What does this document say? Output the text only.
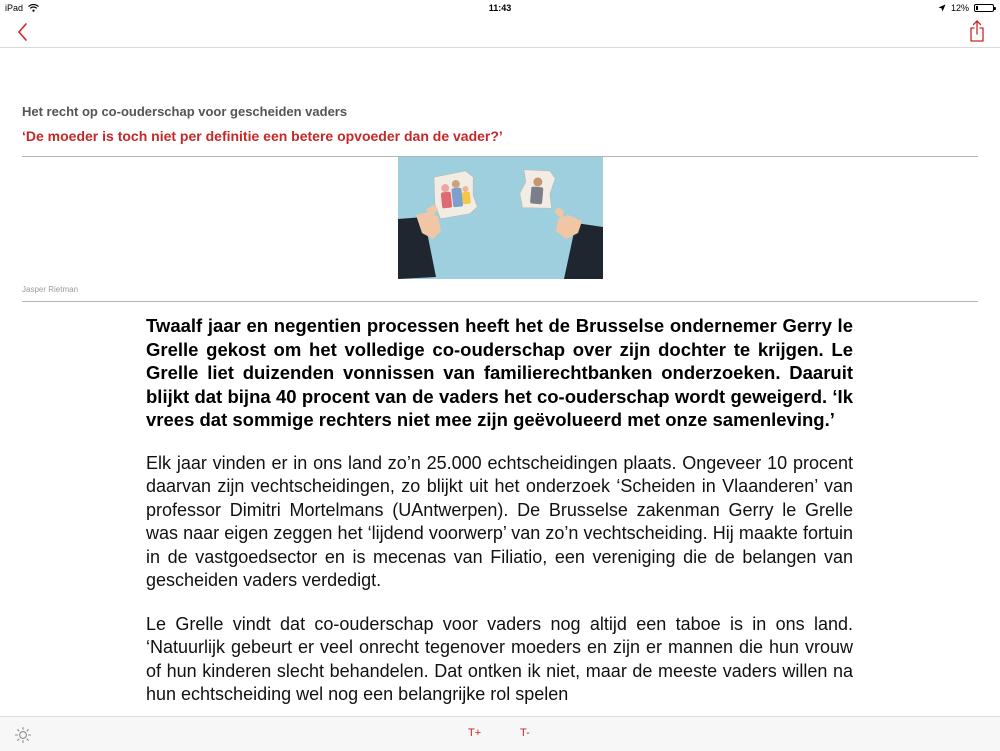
iPad	11:43	12%
Het recht op co-ouderschap voor gescheiden vaders
‘De moeder is toch niet per definitie een betere opvoeder dan de vader?’
Jasper Rietman

Twaalf jaar en negentien processen heeft het de Brusselse ondernemer Gerry le Grelle gekost om het volledige co-ouderschap over zijn dochter te krijgen. Le Grelle liet duizenden vonnissen van familierechtbanken onderzoeken. Daaruit blijkt dat bijna 40 procent van de vaders het co-ouderschap wordt geweigerd. ‘Ik vrees dat sommige rechters niet mee zijn geëvolueerd met onze samenleving.’

Elk jaar vinden er in ons land zo’n 25.000 echtscheidingen plaats. Ongeveer 10 procent daarvan zijn vechtscheidingen, zo blijkt uit het onderzoek ‘Scheiden in Vlaanderen’ van professor Dimitri Mortelmans (UAntwerpen). De Brusselse zakenman Gerry le Grelle was naar eigen zeggen het ‘lijdend voorwerp’ van zo’n vechtscheiding. Hij maakte fortuin in de vastgoedsector en is mecenas van Filiatio, een vereniging die de belangen van gescheiden vaders verdedigt.

Le Grelle vindt dat co-ouderschap voor vaders nog altijd een taboe is in ons land. ‘Natuurlijk gebeurt er veel onrecht tegenover moeders en zijn er mannen die hun vrouw of hun kinderen slecht behandelen. Dat ontken ik niet, maar de meeste vaders willen na hun echtscheiding wel nog een belangrijke rol spelen

T+	T-
